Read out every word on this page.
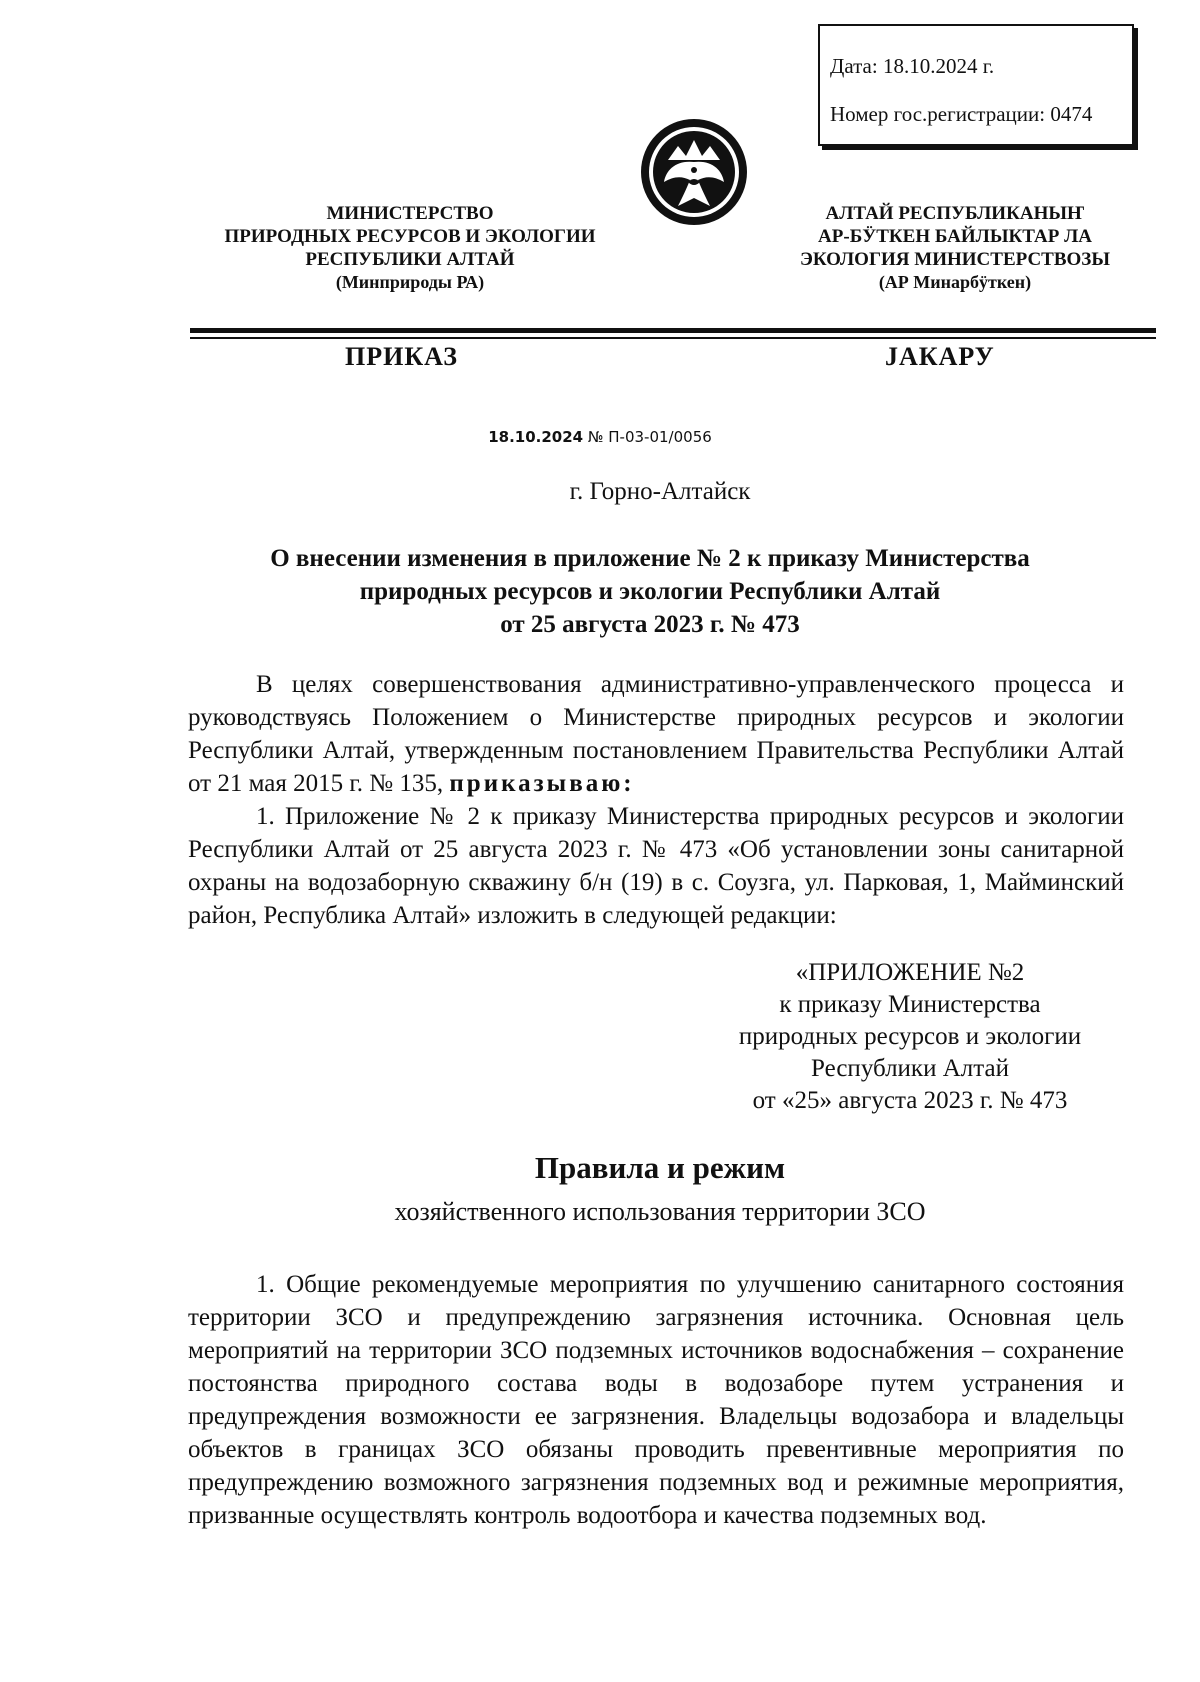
Дата: 18.10.2024 г.
Номер гос.регистрации: 0474
МИНИСТЕРСТВО
ПРИРОДНЫХ РЕСУРСОВ И ЭКОЛОГИИ
РЕСПУБЛИКИ АЛТАЙ
(Минприроды РА)
АЛТАЙ РЕСПУБЛИКАНЫҤ
АР-БӰТКЕН БАЙЛЫКТАР ЛА
ЭКОЛОГИЯ МИНИСТЕРСТВОЗЫ
(АР Минарбӱткен)
ПРИКАЗ	ЈАКАРУ
18.10.2024 № П-03-01/0056
г. Горно-Алтайск
О внесении изменения в приложение № 2 к приказу Министерства
природных ресурсов и экологии Республики Алтай
от 25 августа 2023 г. № 473

В целях совершенствования административно-управленческого процесса и руководствуясь Положением о Министерстве природных ресурсов и экологии Республики Алтай, утвержденным постановлением Правительства Республики Алтай от 21 мая 2015 г. № 135, приказываю:

1. Приложение № 2 к приказу Министерства природных ресурсов и экологии Республики Алтай от 25 августа 2023 г. № 473 «Об установлении зоны санитарной охраны на водозаборную скважину б/н (19) в с. Соузга, ул. Парковая, 1, Майминский район, Республика Алтай» изложить в следующей редакции:

«ПРИЛОЖЕНИЕ №2
к приказу Министерства
природных ресурсов и экологии
Республики Алтай
от «25» августа 2023 г. № 473
Правила и режим
хозяйственного использования территории ЗСО

1. Общие рекомендуемые мероприятия по улучшению санитарного состояния территории ЗСО и предупреждению загрязнения источника. Основная цель мероприятий на территории ЗСО подземных источников водоснабжения – сохранение постоянства природного состава воды в водозаборе путем устранения и предупреждения возможности ее загрязнения. Владельцы водозабора и владельцы объектов в границах ЗСО обязаны проводить превентивные мероприятия по предупреждению возможного загрязнения подземных вод и режимные мероприятия, призванные осуществлять контроль водоотбора и качества подземных вод.
